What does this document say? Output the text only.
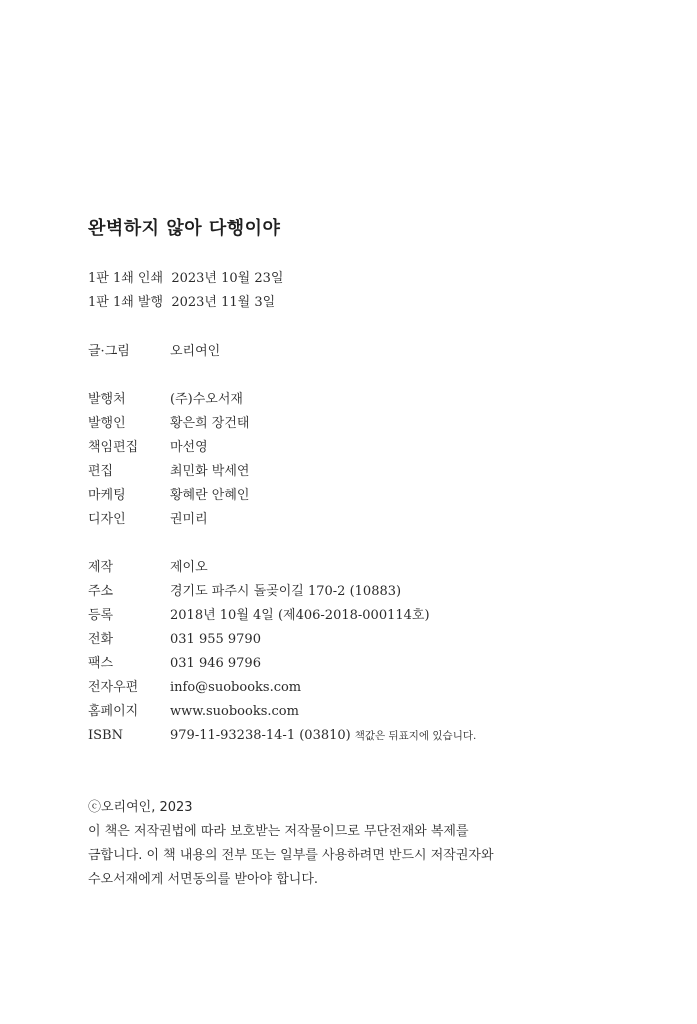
완벽하지 않아 다행이야
1판 1쇄 인쇄 2023년 10월 23일
1판 1쇄 발행 2023년 11월 3일
글·그림	오리여인
발행처	(주)수오서재
발행인	황은희 장건태
책임편집	마선영
편집	최민화 박세연
마케팅	황혜란 안혜인
디자인	권미리
제작	제이오
주소	경기도 파주시 돌곶이길 170-2 (10883)
등록	2018년 10월 4일 (제406-2018-000114호)
전화	031 955 9790
팩스	031 946 9796
전자우편	info@suobooks.com
홈페이지	www.suobooks.com
ISBN	979-11-93238-14-1 (03810) 책값은 뒤표지에 있습니다.
ⓒ오리여인, 2023
이 책은 저작권법에 따라 보호받는 저작물이므로 무단전재와 복제를
금합니다. 이 책 내용의 전부 또는 일부를 사용하려면 반드시 저작권자와
수오서재에게 서면동의를 받아야 합니다.
